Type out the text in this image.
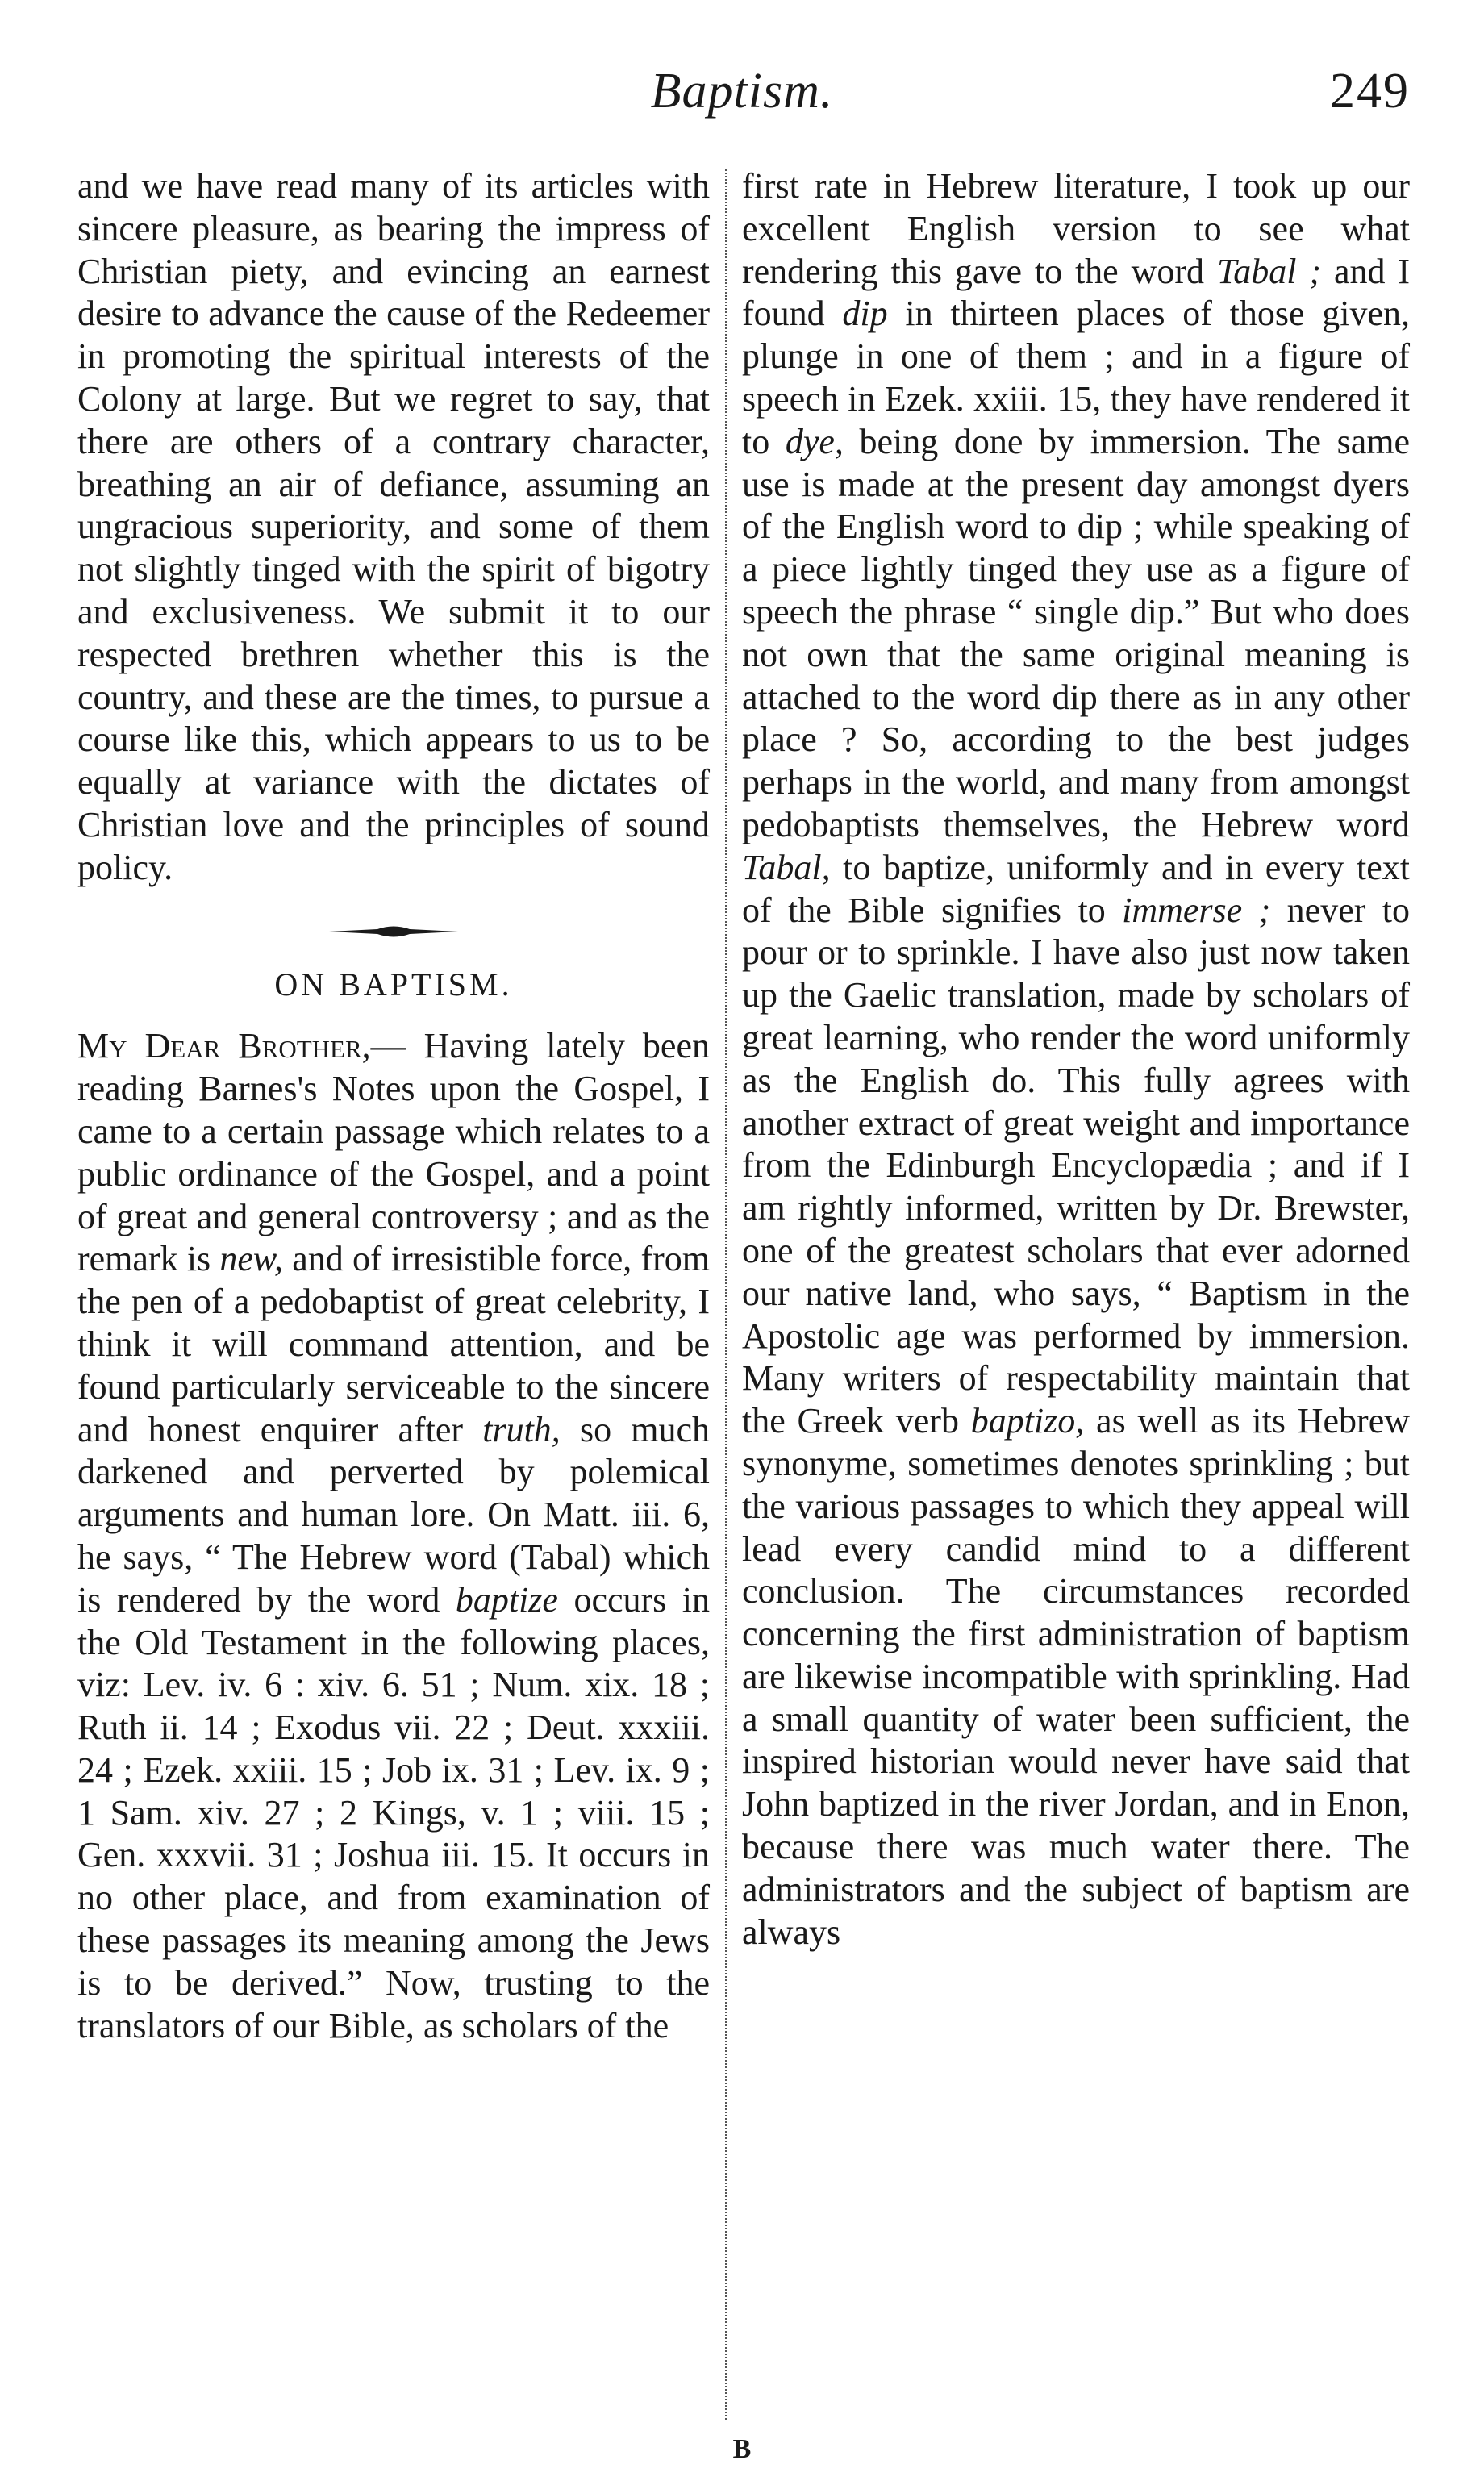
Baptism.	249

and we have read many of its articles with sincere pleasure, as bearing the impress of Christian piety, and evincing an earnest desire to advance the cause of the Redeemer in promoting the spiritual interests of the Colony at large. But we regret to say, that there are others of a contrary character, breathing an air of defiance, assuming an ungracious superiority, and some of them not slightly tinged with the spirit of bigotry and exclusiveness. We submit it to our respected brethren whether this is the country, and these are the times, to pursue a course like this, which appears to us to be equally at variance with the dictates of Christian love and the principles of sound policy.

ON BAPTISM.

My Dear Brother,— Having lately been reading Barnes's Notes upon the Gospel, I came to a certain passage which relates to a public ordinance of the Gospel, and a point of great and general controversy ; and as the remark is new, and of irresistible force, from the pen of a pedobaptist of great celebrity, I think it will command attention, and be found particularly serviceable to the sincere and honest enquirer after truth, so much darkened and perverted by polemical arguments and human lore. On Matt. iii. 6, he says, “ The Hebrew word (Tabal) which is rendered by the word baptize occurs in the Old Testament in the following places, viz: Lev. iv. 6 : xiv. 6. 51 ; Num. xix. 18 ; Ruth ii. 14 ; Exodus vii. 22 ; Deut. xxxiii. 24 ; Ezek. xxiii. 15 ; Job ix. 31 ; Lev. ix. 9 ; 1 Sam. xiv. 27 ; 2 Kings, v. 1 ; viii. 15 ; Gen. xxxvii. 31 ; Joshua iii. 15. It occurs in no other place, and from examination of these passages its meaning among the Jews is to be derived.” Now, trusting to the translators of our Bible, as scholars of the

first rate in Hebrew literature, I took up our excellent English version to see what rendering this gave to the word Tabal ; and I found dip in thirteen places of those given, plunge in one of them ; and in a figure of speech in Ezek. xxiii. 15, they have rendered it to dye, being done by immersion. The same use is made at the present day amongst dyers of the English word to dip ; while speaking of a piece lightly tinged they use as a figure of speech the phrase “ single dip.” But who does not own that the same original meaning is attached to the word dip there as in any other place ? So, according to the best judges perhaps in the world, and many from amongst pedobaptists themselves, the Hebrew word Tabal, to baptize, uniformly and in every text of the Bible signifies to immerse ; never to pour or to sprinkle. I have also just now taken up the Gaelic translation, made by scholars of great learning, who render the word uniformly as the English do. This fully agrees with another extract of great weight and importance from the Edinburgh Encyclopædia ; and if I am rightly informed, written by Dr. Brewster, one of the greatest scholars that ever adorned our native land, who says, “ Baptism in the Apostolic age was performed by immersion. Many writers of respectability maintain that the Greek verb baptizo, as well as its Hebrew synonyme, sometimes denotes sprinkling ; but the various passages to which they appeal will lead every candid mind to a different conclusion. The circumstances recorded concerning the first administration of baptism are likewise incompatible with sprinkling. Had a small quantity of water been sufficient, the inspired historian would never have said that John baptized in the river Jordan, and in Enon, because there was much water there. The administrators and the subject of baptism are always

B
